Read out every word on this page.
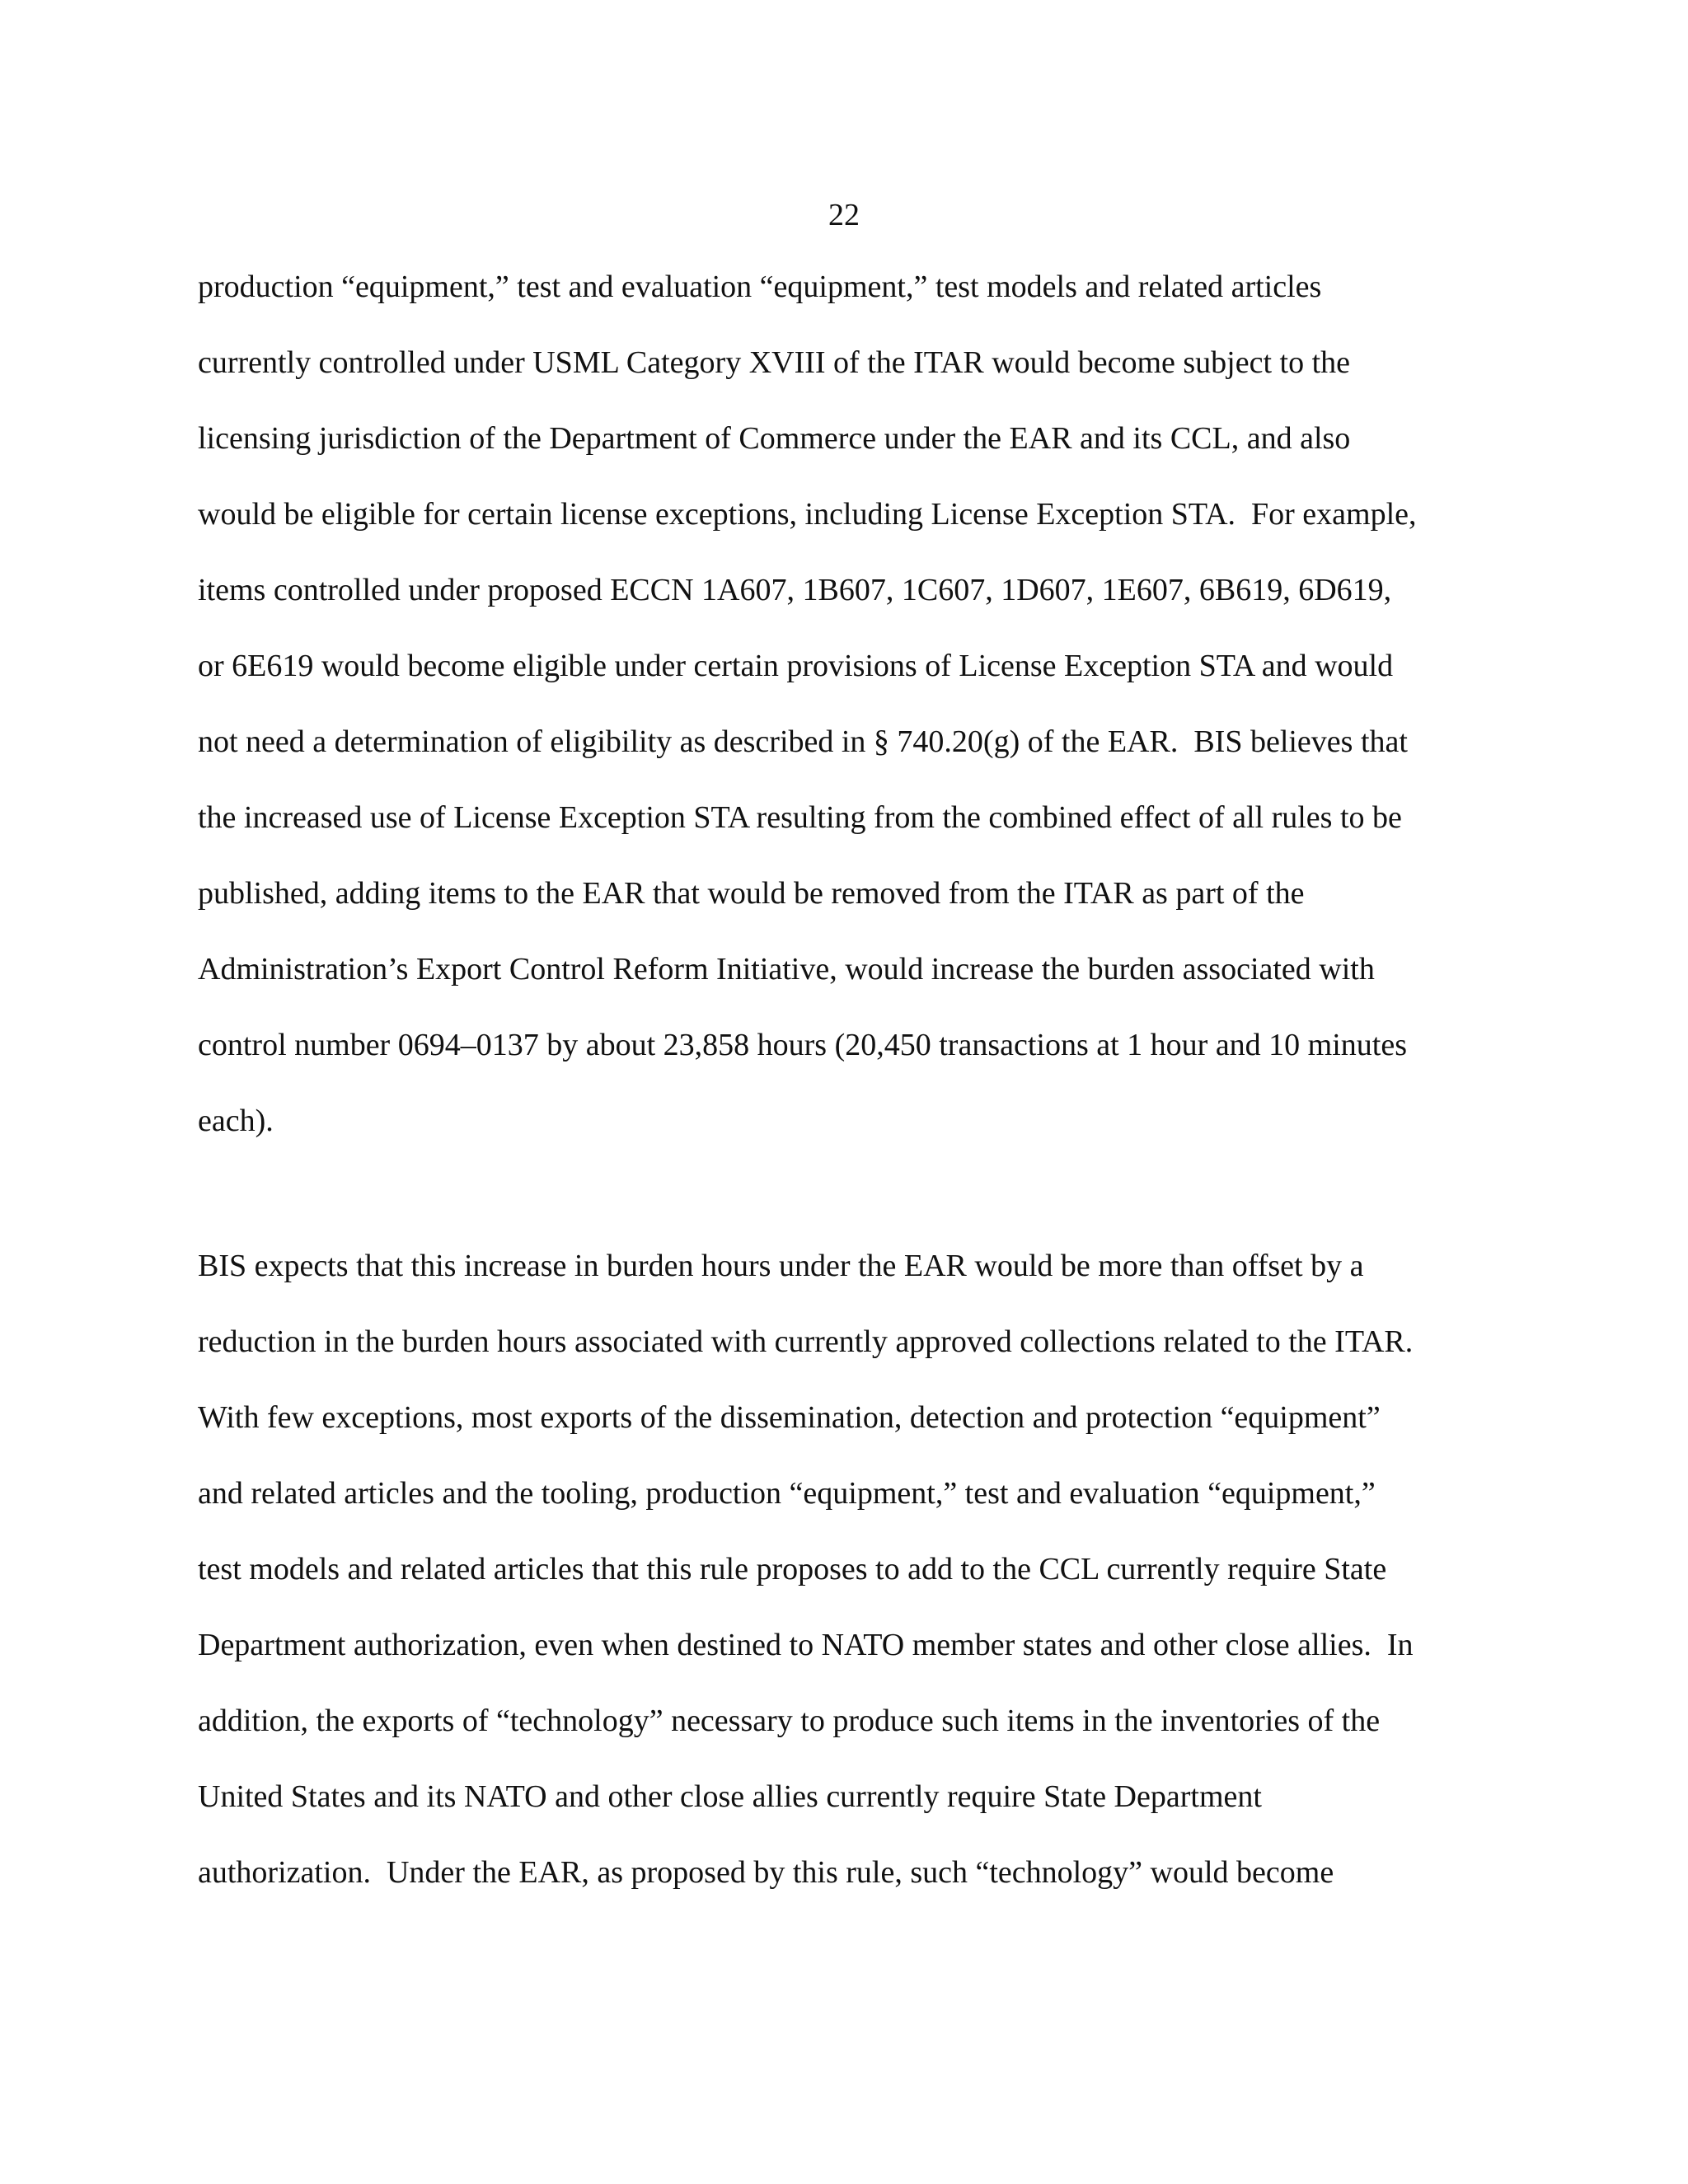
22
production “equipment,” test and evaluation “equipment,” test models and related articles
currently controlled under USML Category XVIII of the ITAR would become subject to the
licensing jurisdiction of the Department of Commerce under the EAR and its CCL, and also
would be eligible for certain license exceptions, including License Exception STA.  For example,
items controlled under proposed ECCN 1A607, 1B607, 1C607, 1D607, 1E607, 6B619, 6D619,
or 6E619 would become eligible under certain provisions of License Exception STA and would
not need a determination of eligibility as described in § 740.20(g) of the EAR.  BIS believes that
the increased use of License Exception STA resulting from the combined effect of all rules to be
published, adding items to the EAR that would be removed from the ITAR as part of the
Administration’s Export Control Reform Initiative, would increase the burden associated with
control number 0694–0137 by about 23,858 hours (20,450 transactions at 1 hour and 10 minutes
each).
BIS expects that this increase in burden hours under the EAR would be more than offset by a
reduction in the burden hours associated with currently approved collections related to the ITAR.
With few exceptions, most exports of the dissemination, detection and protection “equipment”
and related articles and the tooling, production “equipment,” test and evaluation “equipment,”
test models and related articles that this rule proposes to add to the CCL currently require State
Department authorization, even when destined to NATO member states and other close allies.  In
addition, the exports of “technology” necessary to produce such items in the inventories of the
United States and its NATO and other close allies currently require State Department
authorization.  Under the EAR, as proposed by this rule, such “technology” would become
